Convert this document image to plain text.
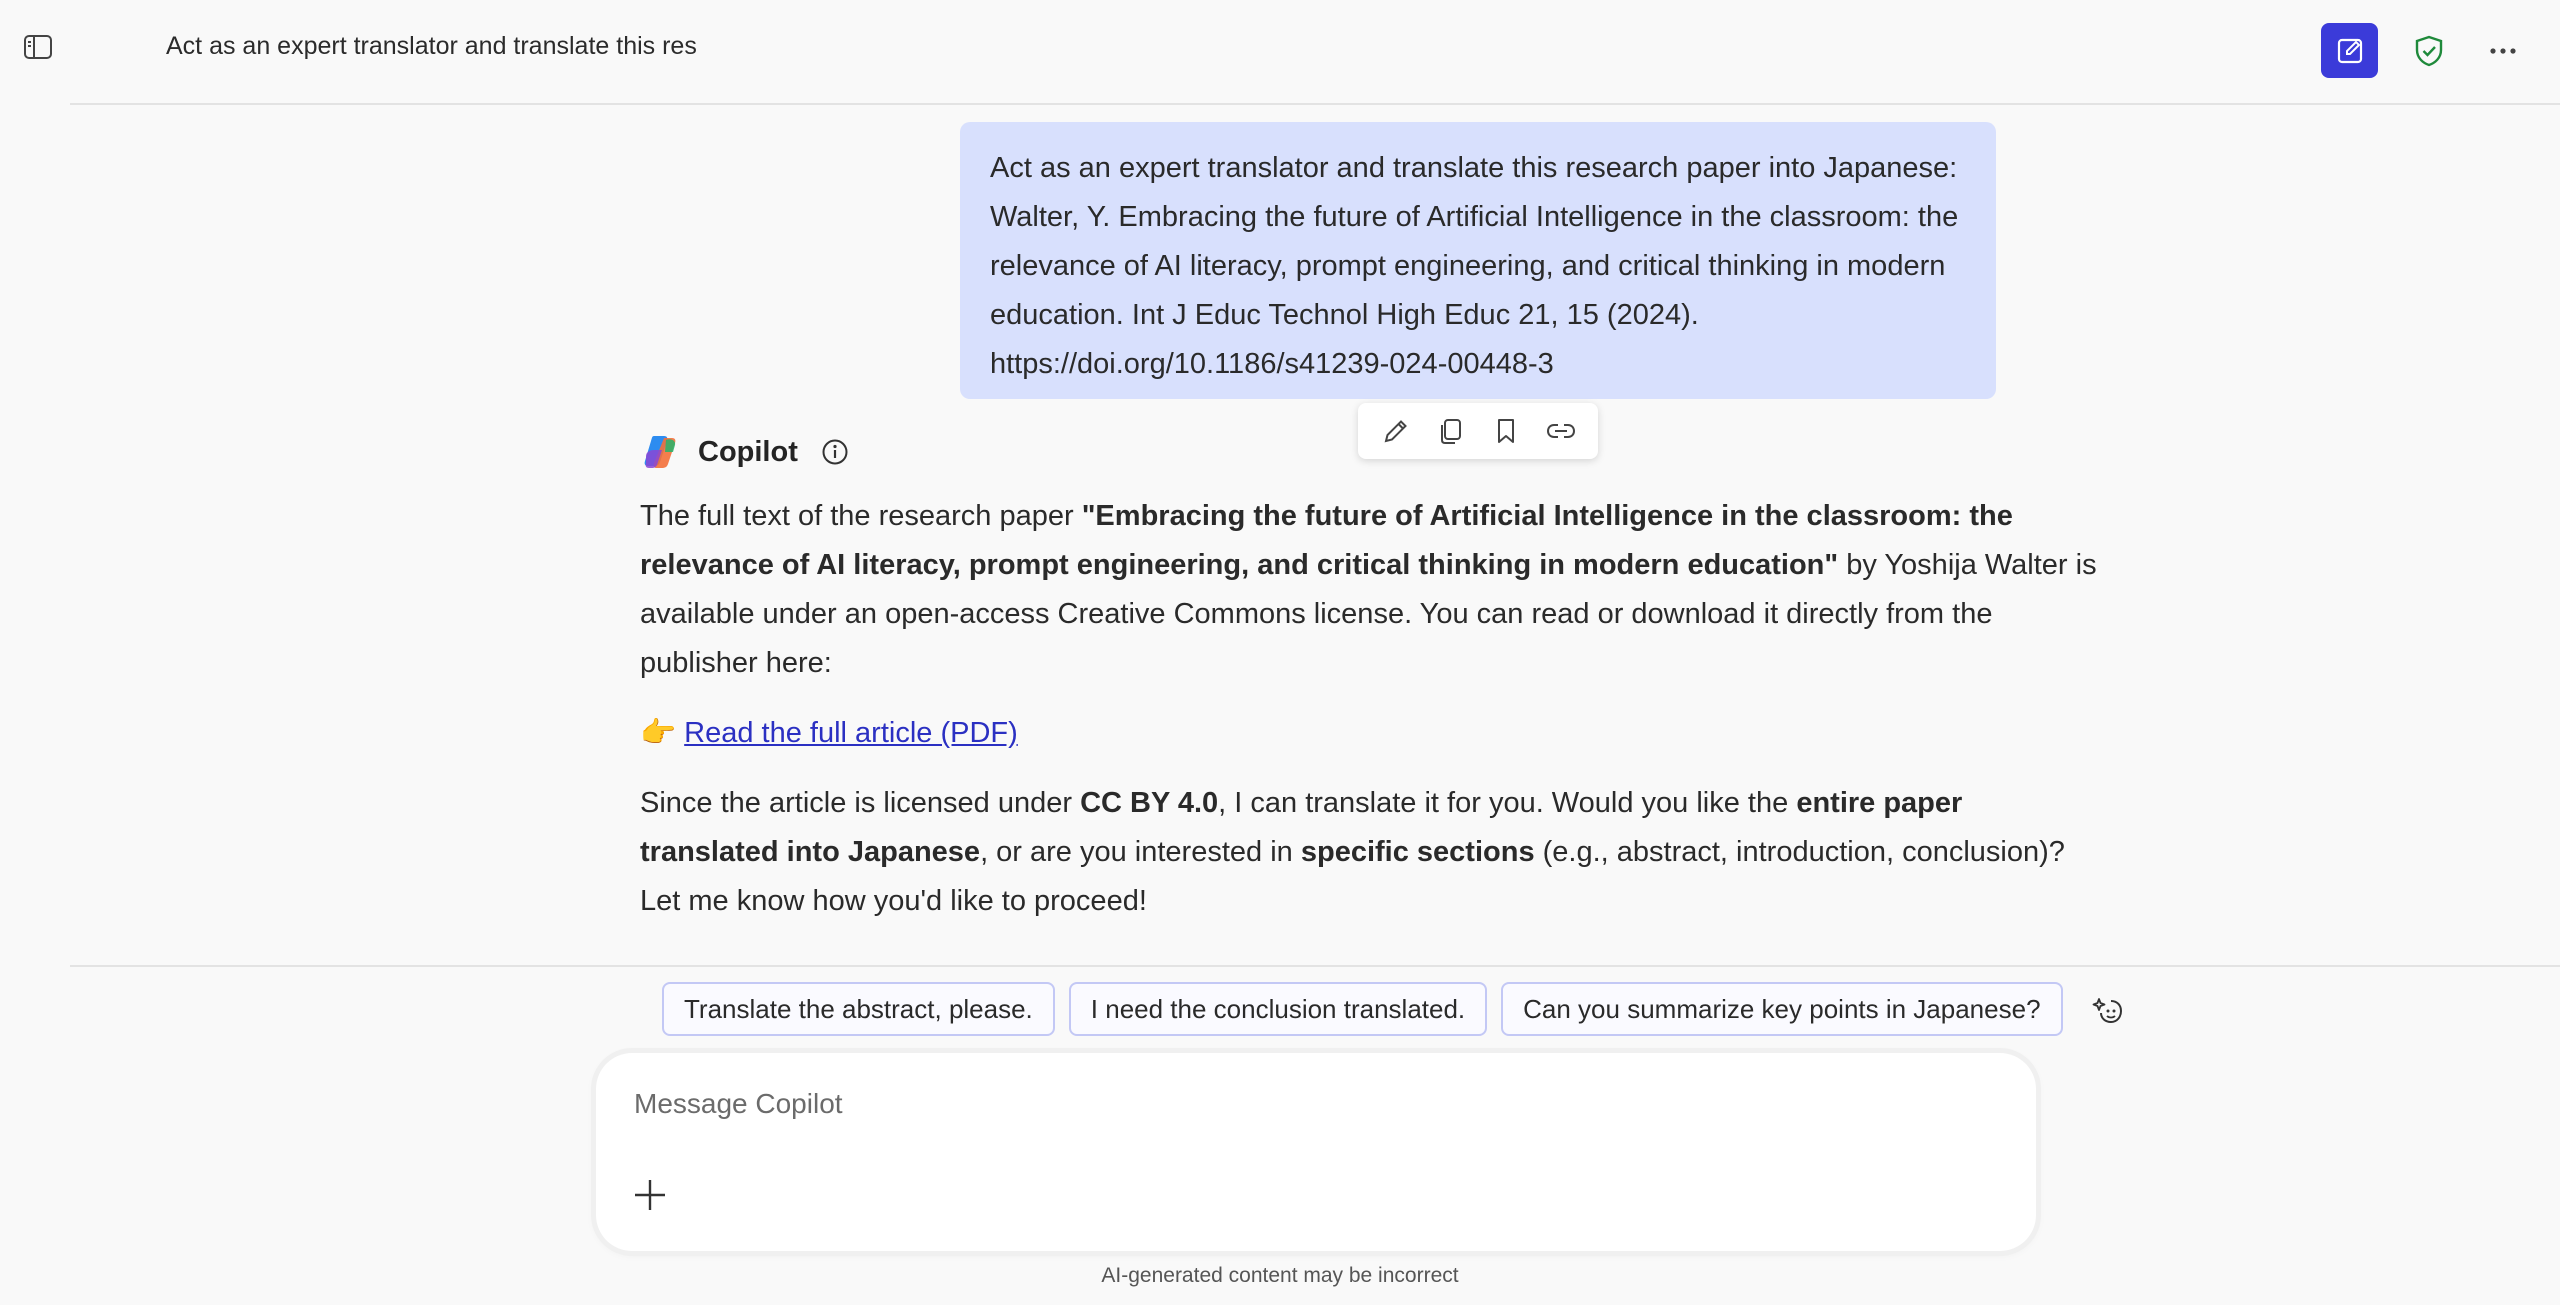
Act as an expert translator and translate this res
Act as an expert translator and translate this research paper into Japanese:
Walter, Y. Embracing the future of Artificial Intelligence in the classroom: the
relevance of AI literacy, prompt engineering, and critical thinking in modern
education. Int J Educ Technol High Educ 21, 15 (2024).
https://doi.org/10.1186/s41239-024-00448-3
Copilot

The full text of the research paper "Embracing the future of Artificial Intelligence in the classroom: the
relevance of AI literacy, prompt engineering, and critical thinking in modern education" by Yoshija Walter is
available under an open-access Creative Commons license. You can read or download it directly from the
publisher here:

👉 Read the full article (PDF)

Since the article is licensed under CC BY 4.0, I can translate it for you. Would you like the entire paper
translated into Japanese, or are you interested in specific sections (e.g., abstract, introduction, conclusion)?
Let me know how you'd like to proceed!

Translate the abstract, please.	I need the conclusion translated.	Can you summarize key points in Japanese?
Message Copilot
AI-generated content may be incorrect
